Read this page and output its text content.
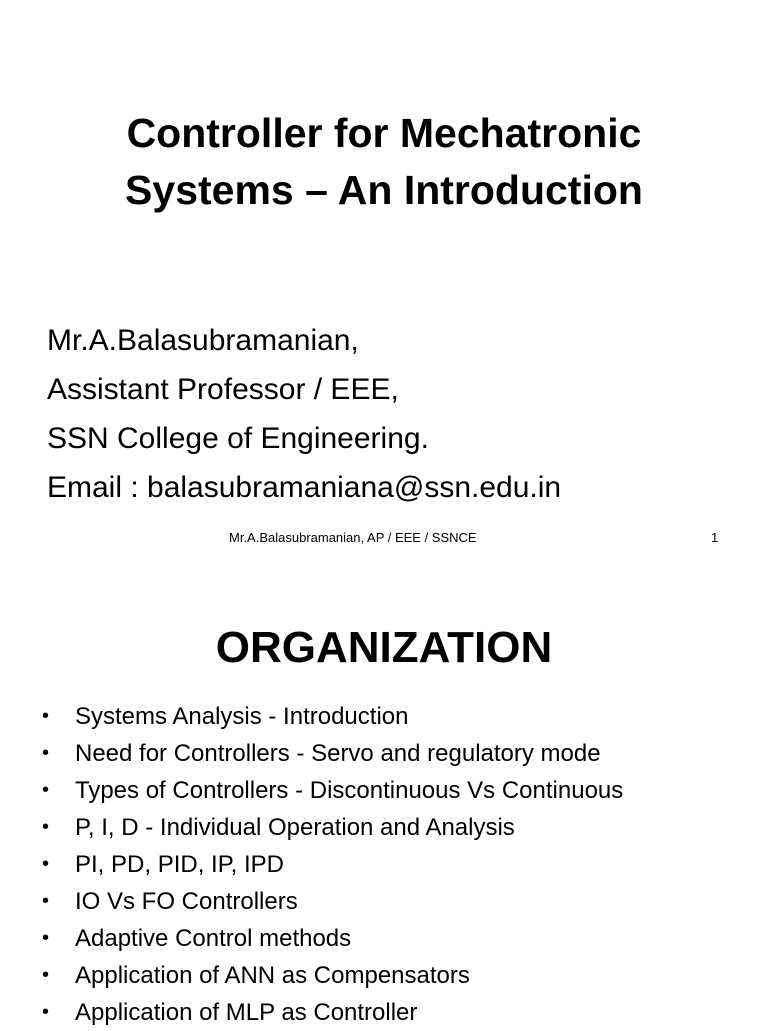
Controller for Mechatronic
Systems – An Introduction
Mr.A.Balasubramanian,
Assistant Professor / EEE,
SSN College of Engineering.
Email : balasubramaniana@ssn.edu.in
Mr.A.Balasubramanian, AP / EEE / SSNCE	1
ORGANIZATION
• Systems Analysis - Introduction
• Need for Controllers - Servo and regulatory mode
• Types of Controllers - Discontinuous Vs Continuous
• P, I, D - Individual Operation and Analysis
• PI, PD, PID, IP, IPD
• IO Vs FO Controllers
• Adaptive Control methods
• Application of ANN as Compensators
• Application of MLP as Controller
